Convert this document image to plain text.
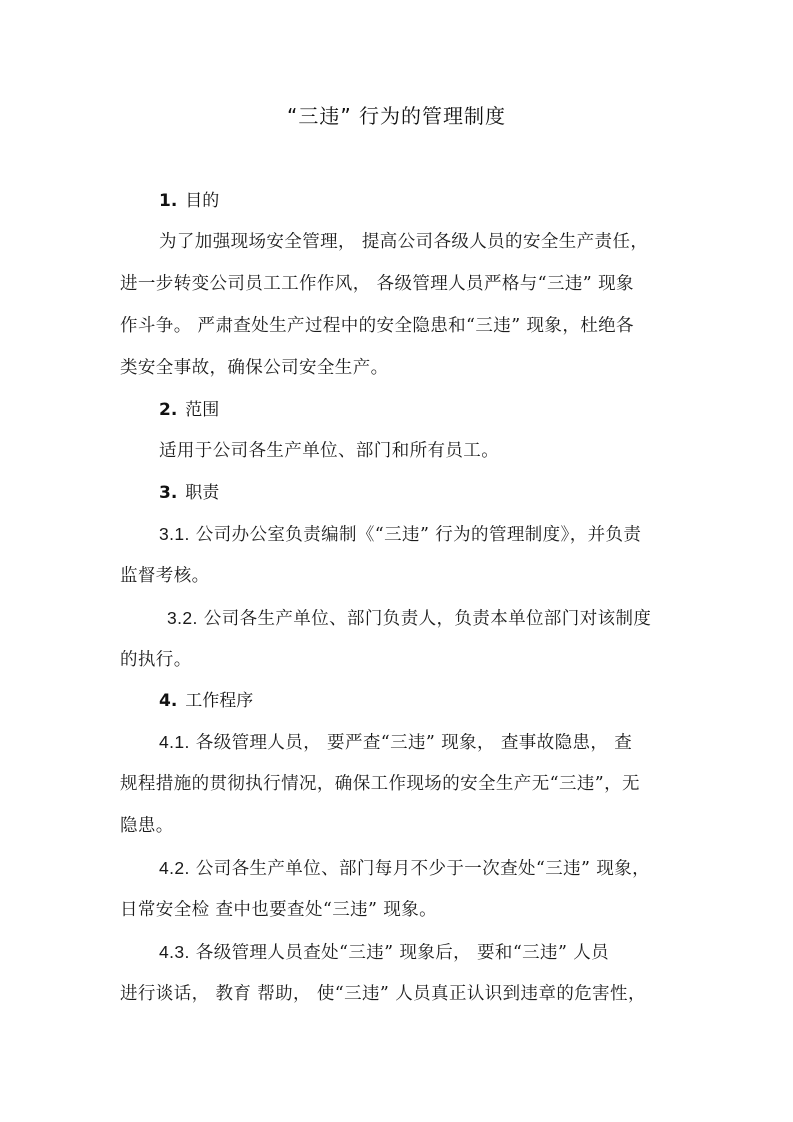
“三违” 行为的管理制度
1. 目的
为了加强现场安全管理， 提高公司各级人员的安全生产责任，
进一步转变公司员工工作作风， 各级管理人员严格与“三违” 现象
作斗争。 严肃查处生产过程中的安全隐患和“三违” 现象，杜绝各
类安全事故，确保公司安全生产。
2. 范围
适用于公司各生产单位、部门和所有员工。
3. 职责
3.1. 公司办公室负责编制《“三违” 行为的管理制度》，并负责
监督考核。
3.2. 公司各生产单位、部门负责人，负责本单位部门对该制度
的执行。
4. 工作程序
4.1. 各级管理人员， 要严查“三违” 现象， 查事故隐患， 查
规程措施的贯彻执行情况，确保工作现场的安全生产无“三违”，无
隐患。
4.2. 公司各生产单位、部门每月不少于一次查处“三违” 现象，
日常安全检 查中也要查处“三违” 现象。
4.3. 各级管理人员查处“三违” 现象后， 要和“三违” 人员
进行谈话， 教育 帮助， 使“三违” 人员真正认识到违章的危害性，
